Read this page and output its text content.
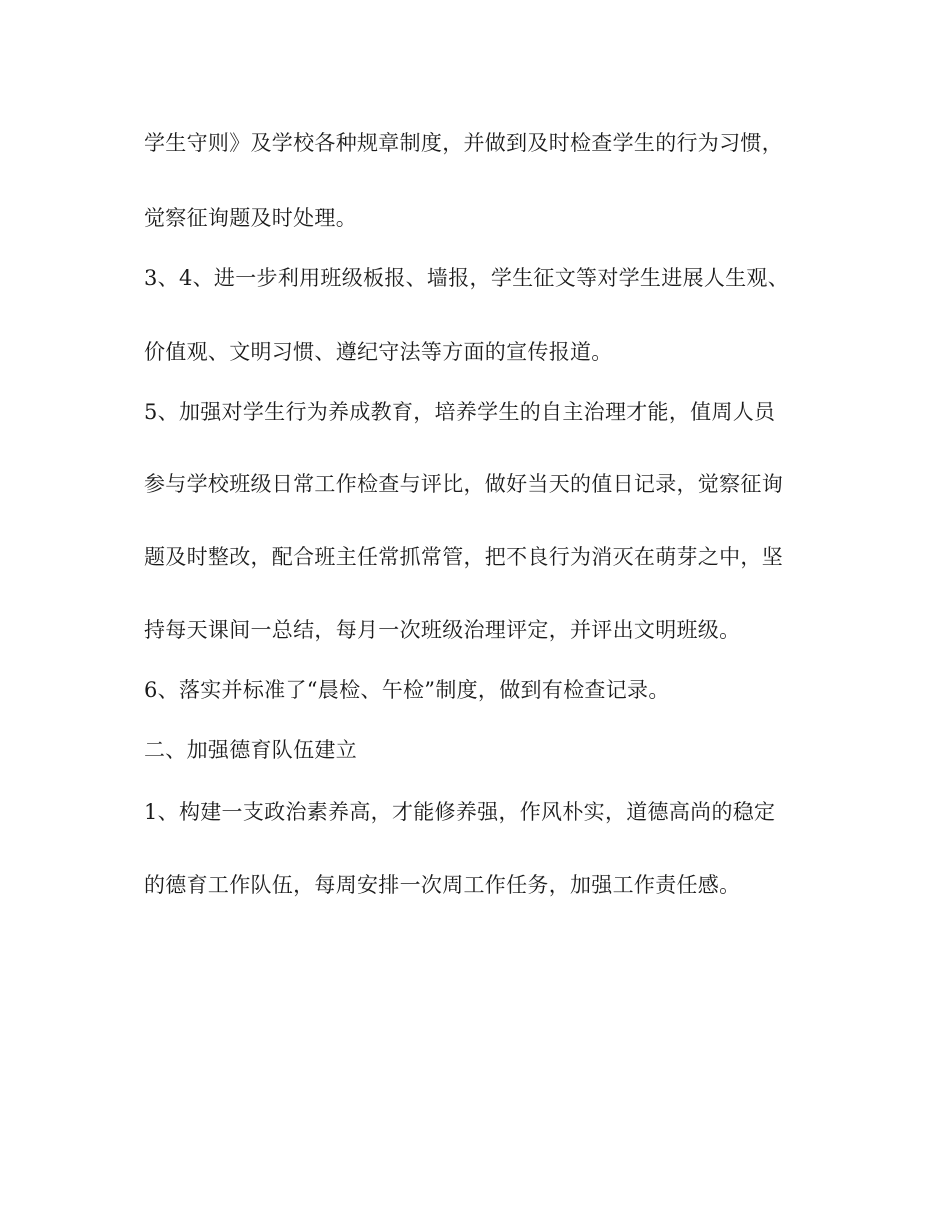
学生守则》及学校各种规章制度，并做到及时检查学生的行为习惯，
觉察征询题及时处理。
3、4、进一步利用班级板报、墙报，学生征文等对学生进展人生观、
价值观、文明习惯、遵纪守法等方面的宣传报道。
5、加强对学生行为养成教育，培养学生的自主治理才能，值周人员
参与学校班级日常工作检查与评比，做好当天的值日记录，觉察征询
题及时整改，配合班主任常抓常管，把不良行为消灭在萌芽之中，坚
持每天课间一总结，每月一次班级治理评定，并评出文明班级。
6、落实并标准了“晨检、午检”制度，做到有检查记录。
二、加强德育队伍建立
1、构建一支政治素养高，才能修养强，作风朴实，道德高尚的稳定
的德育工作队伍，每周安排一次周工作任务，加强工作责任感。
